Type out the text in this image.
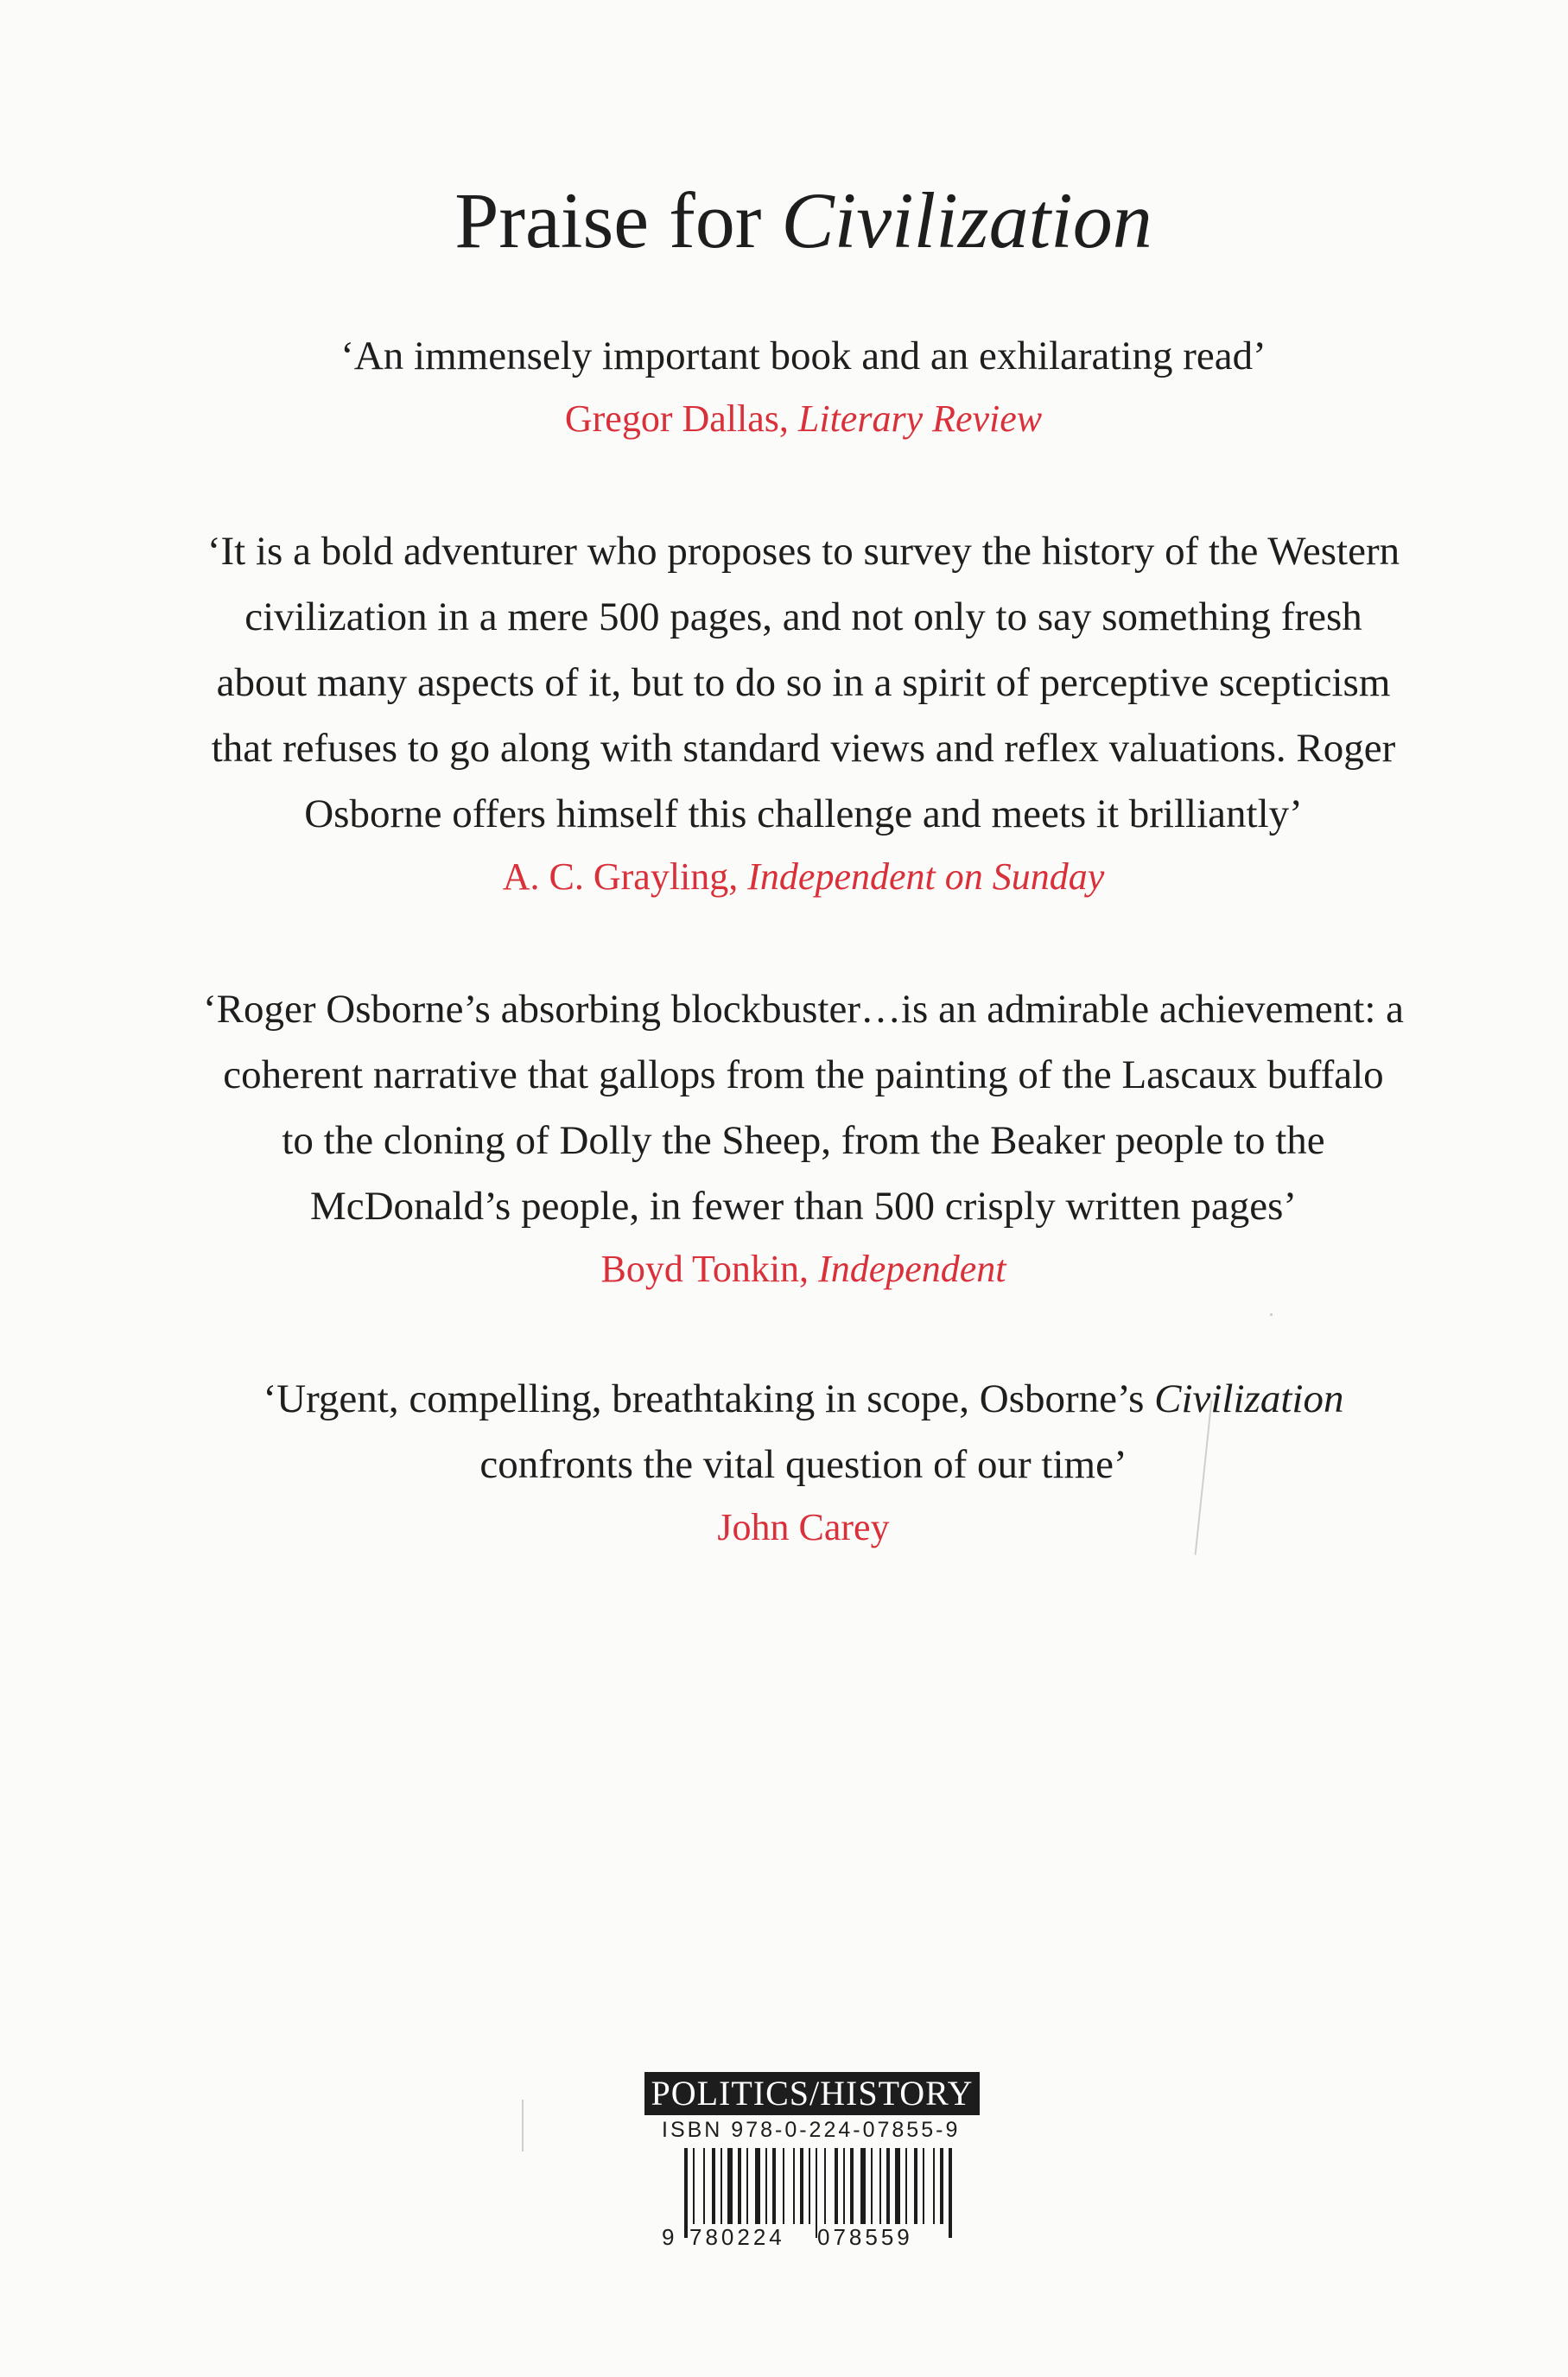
Praise for Civilization

‘An immensely important book and an exhilarating read’

Gregor Dallas, Literary Review

‘It is a bold adventurer who proposes to survey the history of the Western
civilization in a mere 500 pages, and not only to say something fresh
about many aspects of it, but to do so in a spirit of perceptive scepticism
that refuses to go along with standard views and reflex valuations. Roger
Osborne offers himself this challenge and meets it brilliantly’

A. C. Grayling, Independent on Sunday

‘Roger Osborne’s absorbing blockbuster…is an admirable achievement: a
coherent narrative that gallops from the painting of the Lascaux buffalo
to the cloning of Dolly the Sheep, from the Beaker people to the
McDonald’s people, in fewer than 500 crisply written pages’

Boyd Tonkin, Independent

‘Urgent, compelling, breathtaking in scope, Osborne’s Civilization
confronts the vital question of our time’

John Carey

POLITICS/HISTORY
ISBN 978-0-224-07855-9
9 780224 078559
